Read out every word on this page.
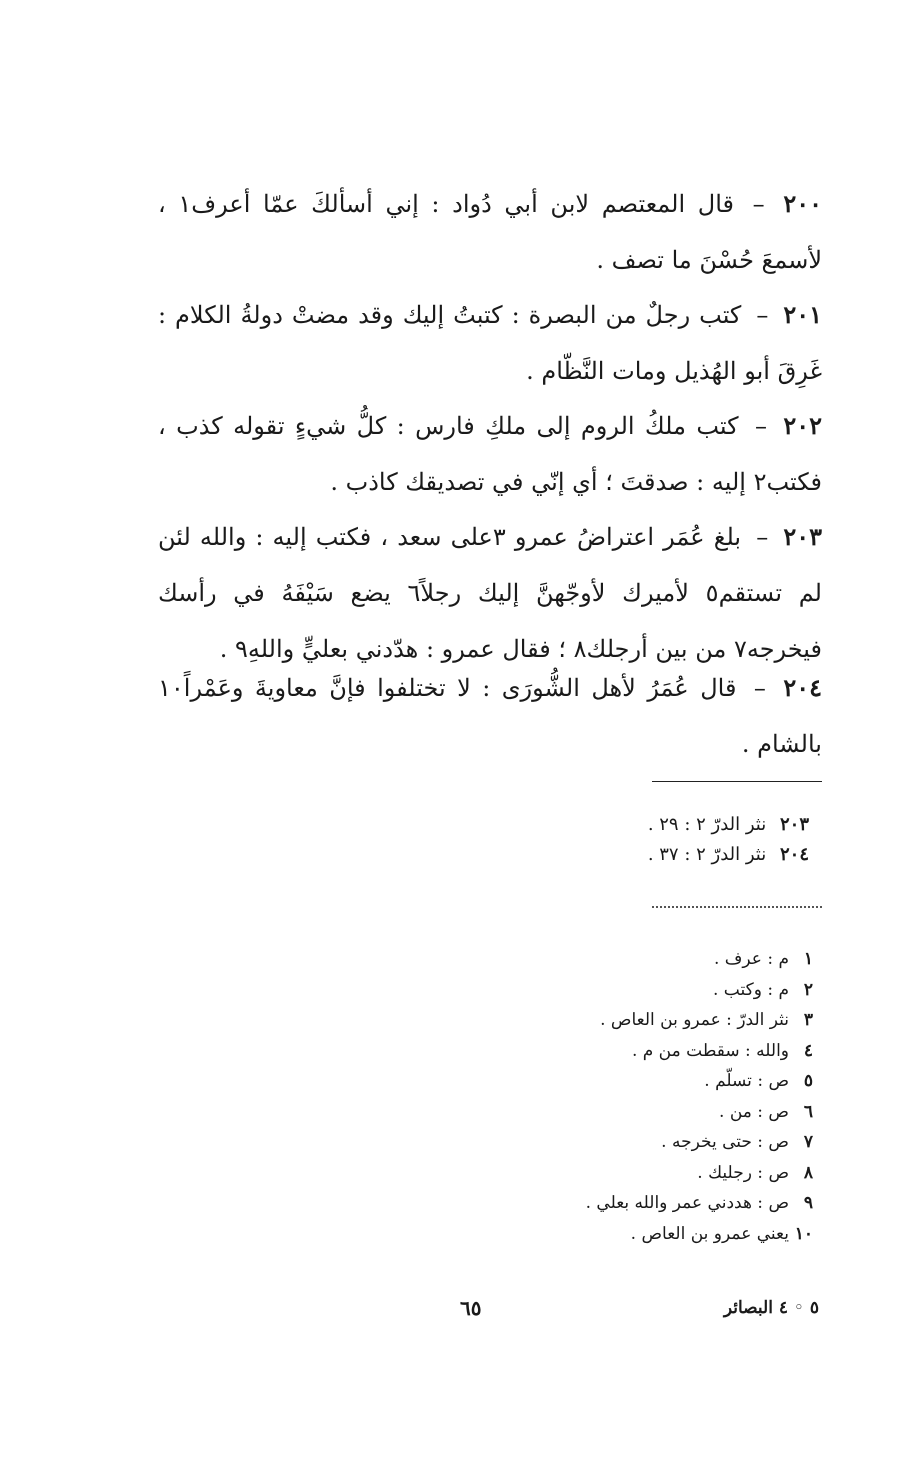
٢٠٠ – قال المعتصم لابن أبي دُواد : إني أسألكَ عمّا أعرف١ ، لأسمعَ حُسْنَ ما تصف .
٢٠١ – كتب رجلٌ من البصرة : كتبتُ إليك وقد مضتْ دولةُ الكلام : غَرِقَ أبو الهُذيل ومات النَّظّام .
٢٠٢ – كتب ملكُ الروم إلى ملكِ فارس : كلُّ شيءٍ تقوله كذب ، فكتب٢ إليه : صدقتَ ؛ أي إنّي في تصديقك كاذب .
٢٠٣ – بلغ عُمَر اعتراضُ عمرو ٣على سعد ، فكتب إليه : والله لئن لم تستقم٥ لأميرك لأوجّهنَّ إليك رجلاً٦ يضع سَيْفَهُ في رأسك فيخرجه٧ من بين أرجلك٨ ؛ فقال عمرو : هدّدني بعليٍّ واللهِ٩ .
٢٠٤ – قال عُمَرُ لأهل الشُّورَى : لا تختلفوا فإنَّ معاويةَ وعَمْراً١٠ بالشام .
٢٠٣ نثر الدرّ ٢ : ٢٩ .
٢٠٤ نثر الدرّ ٢ : ٣٧ .
١م : عرف .
٢م : وكتب .
٣نثر الدرّ : عمرو بن العاص .
٤والله : سقطت من م .
٥ص : تسلّم .
٦ص : من .
٧ص : حتى يخرجه .
٨ص : رجليك .
٩ص : هددني عمر والله بعلي .
١٠يعني عمرو بن العاص .
٦٥	٥ ◦ ٤ البصائر
